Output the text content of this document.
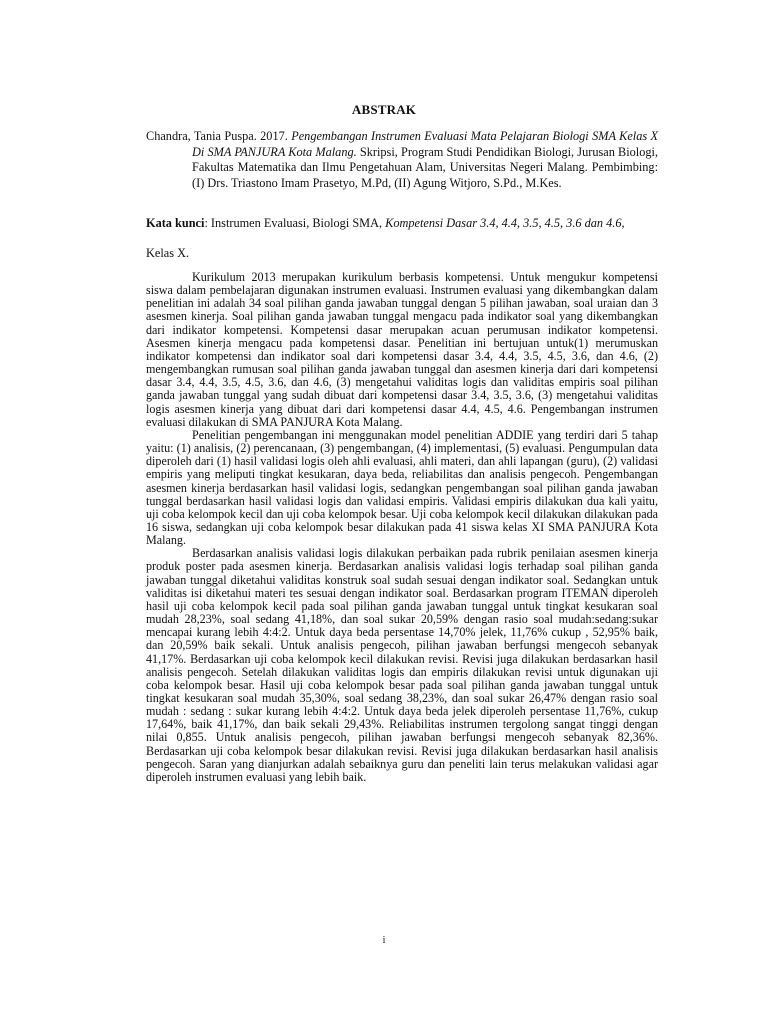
ABSTRAK
Chandra, Tania Puspa. 2017. Pengembangan Instrumen Evaluasi Mata Pelajaran Biologi SMA Kelas X Di SMA PANJURA Kota Malang. Skripsi, Program Studi Pendidikan Biologi, Jurusan Biologi, Fakultas Matematika dan Ilmu Pengetahuan Alam, Universitas Negeri Malang. Pembimbing: (I) Drs. Triastono Imam Prasetyo, M.Pd, (II) Agung Witjoro, S.Pd., M.Kes.
Kata kunci: Instrumen Evaluasi, Biologi SMA, Kompetensi Dasar 3.4, 4.4, 3.5, 4.5, 3.6 dan 4.6,
Kelas X.

Kurikulum 2013 merupakan kurikulum berbasis kompetensi. Untuk mengukur kompetensi siswa dalam pembelajaran digunakan instrumen evaluasi. Instrumen evaluasi yang dikembangkan dalam penelitian ini adalah 34 soal pilihan ganda jawaban tunggal dengan 5 pilihan jawaban, soal uraian dan 3 asesmen kinerja. Soal pilihan ganda jawaban tunggal mengacu pada indikator soal yang dikembangkan dari indikator kompetensi. Kompetensi dasar merupakan acuan perumusan indikator kompetensi. Asesmen kinerja mengacu pada kompetensi dasar. Penelitian ini bertujuan untuk(1) merumuskan indikator kompetensi dan indikator soal dari kompetensi dasar 3.4, 4.4, 3.5, 4.5, 3.6, dan 4.6, (2) mengembangkan rumusan soal pilihan ganda jawaban tunggal dan asesmen kinerja dari dari kompetensi dasar 3.4, 4.4, 3.5, 4.5, 3.6, dan 4.6, (3) mengetahui validitas logis dan validitas empiris soal pilihan ganda jawaban tunggal yang sudah dibuat dari kompetensi dasar 3.4, 3.5, 3.6, (3) mengetahui validitas logis asesmen kinerja yang dibuat dari dari kompetensi dasar 4.4, 4.5, 4.6. Pengembangan instrumen evaluasi dilakukan di SMA PANJURA Kota Malang.

Penelitian pengembangan ini menggunakan model penelitian ADDIE yang terdiri dari 5 tahap yaitu: (1) analisis, (2) perencanaan, (3) pengembangan, (4) implementasi, (5) evaluasi. Pengumpulan data diperoleh dari (1) hasil validasi logis oleh ahli evaluasi, ahli materi, dan ahli lapangan (guru), (2) validasi empiris yang meliputi tingkat kesukaran, daya beda, reliabilitas dan analisis pengecoh. Pengembangan asesmen kinerja berdasarkan hasil validasi logis, sedangkan pengembangan soal pilihan ganda jawaban tunggal berdasarkan hasil validasi logis dan validasi empiris. Validasi empiris dilakukan dua kali yaitu, uji coba kelompok kecil dan uji coba kelompok besar. Uji coba kelompok kecil dilakukan dilakukan pada 16 siswa, sedangkan uji coba kelompok besar dilakukan pada 41 siswa kelas XI SMA PANJURA Kota Malang.

Berdasarkan analisis validasi logis dilakukan perbaikan pada rubrik penilaian asesmen kinerja produk poster pada asesmen kinerja. Berdasarkan analisis validasi logis terhadap soal pilihan ganda jawaban tunggal diketahui validitas konstruk soal sudah sesuai dengan indikator soal. Sedangkan untuk validitas isi diketahui materi tes sesuai dengan indikator soal. Berdasarkan program ITEMAN diperoleh hasil uji coba kelompok kecil pada soal pilihan ganda jawaban tunggal untuk tingkat kesukaran soal mudah 28,23%, soal sedang 41,18%, dan soal sukar 20,59% dengan rasio soal mudah:sedang:sukar mencapai kurang lebih 4:4:2. Untuk daya beda persentase 14,70% jelek, 11,76% cukup , 52,95% baik, dan 20,59% baik sekali. Untuk analisis pengecoh, pilihan jawaban berfungsi mengecoh sebanyak 41,17%. Berdasarkan uji coba kelompok kecil dilakukan revisi. Revisi juga dilakukan berdasarkan hasil analisis pengecoh. Setelah dilakukan validitas logis dan empiris dilakukan revisi untuk digunakan uji coba kelompok besar. Hasil uji coba kelompok besar pada soal pilihan ganda jawaban tunggal untuk tingkat kesukaran soal mudah 35,30%, soal sedang 38,23%, dan soal sukar 26,47% dengan rasio soal mudah : sedang : sukar kurang lebih 4:4:2. Untuk daya beda jelek diperoleh persentase 11,76%, cukup 17,64%, baik 41,17%, dan baik sekali 29,43%. Reliabilitas instrumen tergolong sangat tinggi dengan nilai 0,855. Untuk analisis pengecoh, pilihan jawaban berfungsi mengecoh sebanyak 82,36%. Berdasarkan uji coba kelompok besar dilakukan revisi. Revisi juga dilakukan berdasarkan hasil analisis pengecoh. Saran yang dianjurkan adalah sebaiknya guru dan peneliti lain terus melakukan validasi agar diperoleh instrumen evaluasi yang lebih baik.

i
